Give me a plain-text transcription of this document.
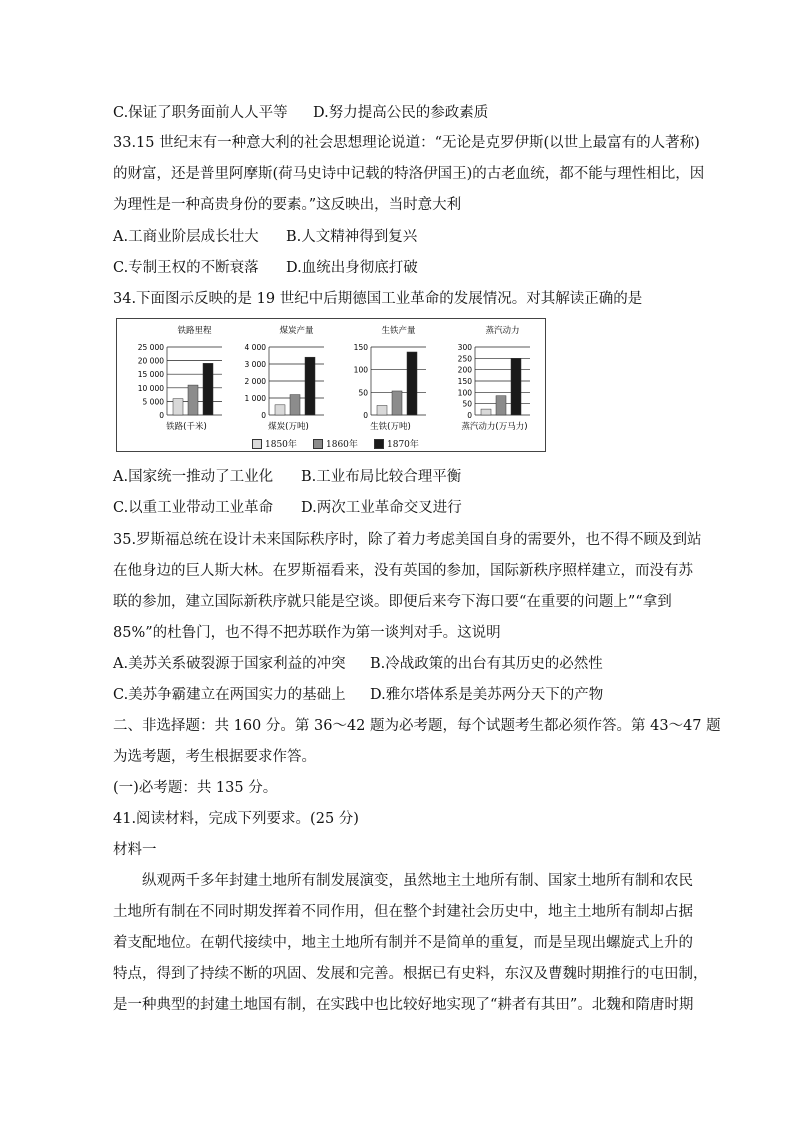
C.保证了职务面前人人平等 D.努力提高公民的参政素质
33.15 世纪末有一种意大利的社会思想理论说道：“无论是克罗伊斯(以世上最富有的人著称)
的财富，还是普里阿摩斯(荷马史诗中记载的特洛伊国王)的古老血统，都不能与理性相比，因
为理性是一种高贵身份的要素。”这反映出，当时意大利
A.工商业阶层成长壮大 B.人文精神得到复兴
C.专制王权的不断衰落 D.血统出身彻底打破
34.下面图示反映的是 19 世纪中后期德国工业革命的发展情况。对其解读正确的是
铁路里程
25 000
20 000
15 000
10 000
5 000
0
铁路(千米)
煤炭产量
4 000
3 000
2 000
1 000
0
煤炭(万吨)
生铁产量
150
100
50
0
生铁(万吨)
蒸汽动力
300
250
200
150
100
50
0
蒸汽动力(万马力)
1850年	1860年	1870年
A.国家统一推动了工业化 B.工业布局比较合理平衡
C.以重工业带动工业革命 D.两次工业革命交叉进行
35.罗斯福总统在设计未来国际秩序时，除了着力考虑美国自身的需要外，也不得不顾及到站
在他身边的巨人斯大林。在罗斯福看来，没有英国的参加，国际新秩序照样建立，而没有苏
联的参加，建立国际新秩序就只能是空谈。即便后来夸下海口要“在重要的问题上”“拿到
85%”的杜鲁门，也不得不把苏联作为第一谈判对手。这说明
A.美苏关系破裂源于国家利益的冲突 B.冷战政策的出台有其历史的必然性
C.美苏争霸建立在两国实力的基础上 D.雅尔塔体系是美苏两分天下的产物
二、非选择题：共 160 分。第 36～42 题为必考题，每个试题考生都必须作答。第 43～47 题
为选考题，考生根据要求作答。
(一)必考题：共 135 分。
41.阅读材料，完成下列要求。(25 分)
材料一
纵观两千多年封建土地所有制发展演变，虽然地主土地所有制、国家土地所有制和农民
土地所有制在不同时期发挥着不同作用，但在整个封建社会历史中，地主土地所有制却占据
着支配地位。在朝代接续中，地主土地所有制并不是简单的重复，而是呈现出螺旋式上升的
特点，得到了持续不断的巩固、发展和完善。根据已有史料，东汉及曹魏时期推行的屯田制，
是一种典型的封建土地国有制，在实践中也比较好地实现了“耕者有其田”。北魏和隋唐时期
